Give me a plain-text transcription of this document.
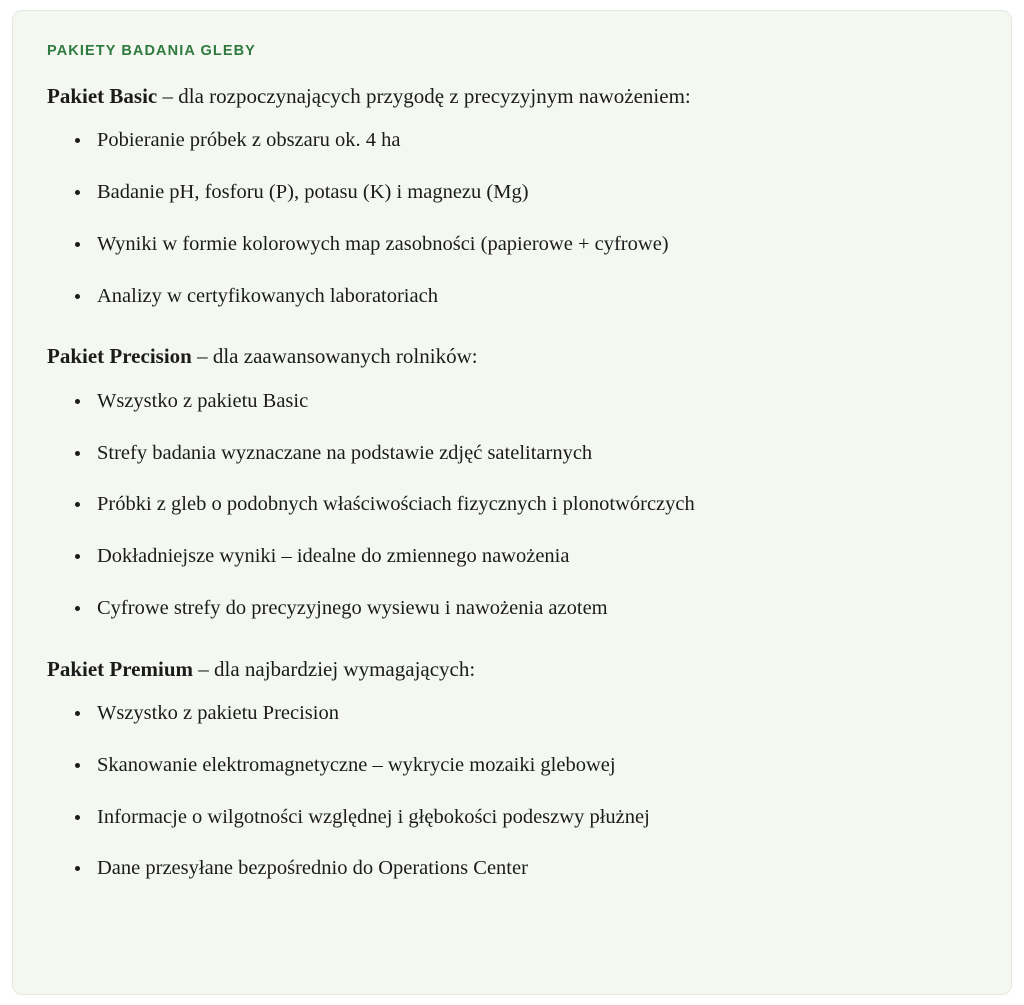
PAKIETY BADANIA GLEBY

Pakiet Basic – dla rozpoczynających przygodę z precyzyjnym nawożeniem:

Pobieranie próbek z obszaru ok. 4 ha
Badanie pH, fosforu (P), potasu (K) i magnezu (Mg)
Wyniki w formie kolorowych map zasobności (papierowe + cyfrowe)
Analizy w certyfikowanych laboratoriach

Pakiet Precision – dla zaawansowanych rolników:

Wszystko z pakietu Basic
Strefy badania wyznaczane na podstawie zdjęć satelitarnych
Próbki z gleb o podobnych właściwościach fizycznych i plonotwórczych
Dokładniejsze wyniki – idealne do zmiennego nawożenia
Cyfrowe strefy do precyzyjnego wysiewu i nawożenia azotem

Pakiet Premium – dla najbardziej wymagających:

Wszystko z pakietu Precision
Skanowanie elektromagnetyczne – wykrycie mozaiki glebowej
Informacje o wilgotności względnej i głębokości podeszwy płużnej
Dane przesyłane bezpośrednio do Operations Center
